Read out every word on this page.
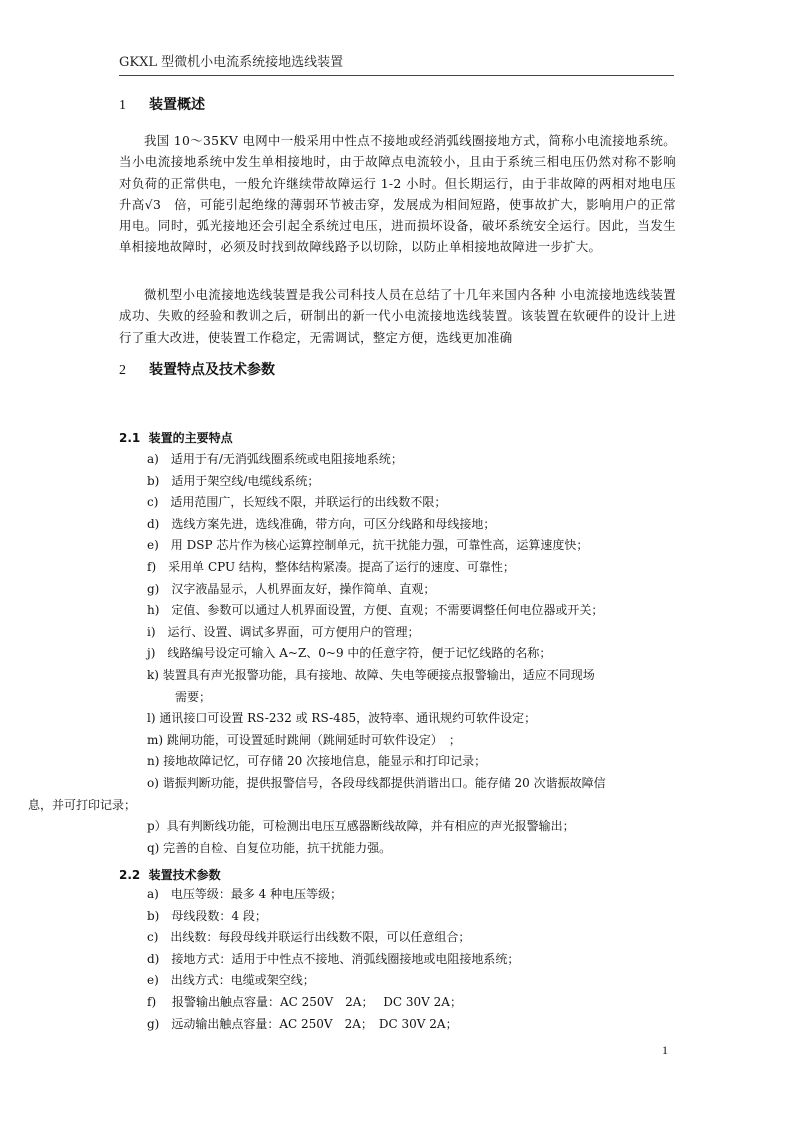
GKXL 型微机小电流系统接地选线装置
1 装置概述

我国 10～35KV 电网中一般采用中性点不接地或经消弧线圈接地方式，简称小电流接地系统。当小电流接地系统中发生单相接地时，由于故障点电流较小，且由于系统三相电压仍然对称不影响对负荷的正常供电，一般允许继续带故障运行 1-2 小时。但长期运行，由于非故障的两相对地电压升高√3　倍，可能引起绝缘的薄弱环节被击穿，发展成为相间短路，使事故扩大，影响用户的正常用电。同时，弧光接地还会引起全系统过电压，进而损坏设备，破坏系统安全运行。因此，当发生单相接地故障时，必须及时找到故障线路予以切除，以防止单相接地故障进一步扩大。

微机型小电流接地选线装置是我公司科技人员在总结了十几年来国内各种 小电流接地选线装置成功、失败的经验和教训之后，研制出的新一代小电流接地选线装置。该装置在软硬件的设计上进行了重大改进，使装置工作稳定，无需调试，整定方便，选线更加准确

2 装置特点及技术参数
2.1 装置的主要特点
a) 适用于有/无消弧线圈系统或电阻接地系统；
b) 适用于架空线/电缆线系统；
c) 适用范围广，长短线不限，并联运行的出线数不限；
d) 选线方案先进，选线准确，带方向，可区分线路和母线接地；
e) 用 DSP 芯片作为核心运算控制单元，抗干扰能力强，可靠性高，运算速度快；
f) 采用单 CPU 结构，整体结构紧凑。提高了运行的速度、可靠性；
g) 汉字液晶显示，人机界面友好，操作简单、直观；
h) 定值、参数可以通过人机界面设置，方便、直观；不需要调整任何电位器或开关；
i) 运行、设置、调试多界面，可方便用户的管理；
j) 线路编号设定可输入 A~Z、0~9 中的任意字符，便于记忆线路的名称；
k) 装置具有声光报警功能，具有接地、故障、失电等硬接点报警输出，适应不同现场
需要；
l) 通讯接口可设置 RS-232 或 RS-485，波特率、通讯规约可软件设定；
m) 跳闸功能，可设置延时跳闸（跳闸延时可软件设定）　；
n) 接地故障记忆，可存储 20 次接地信息，能显示和打印记录；
o) 谐振判断功能，提供报警信号，各段母线都提供消谐出口。能存储 20 次谐振故障信
息，并可打印记录；
p）具有判断线功能，可检测出电压互感器断线故障，并有相应的声光报警输出；
q) 完善的自检、自复位功能，抗干扰能力强。
2.2 装置技术参数
a) 电压等级：最多 4 种电压等级；
b) 母线段数：4 段；
c) 出线数：每段母线并联运行出线数不限，可以任意组合；
d) 接地方式：适用于中性点不接地、消弧线圈接地或电阻接地系统；
e) 出线方式：电缆或架空线；
f)  报警输出触点容量：AC 250V　2A；　 DC 30V 2A；
g) 远动输出触点容量：AC 250V　2A；　DC 30V 2A；
1
